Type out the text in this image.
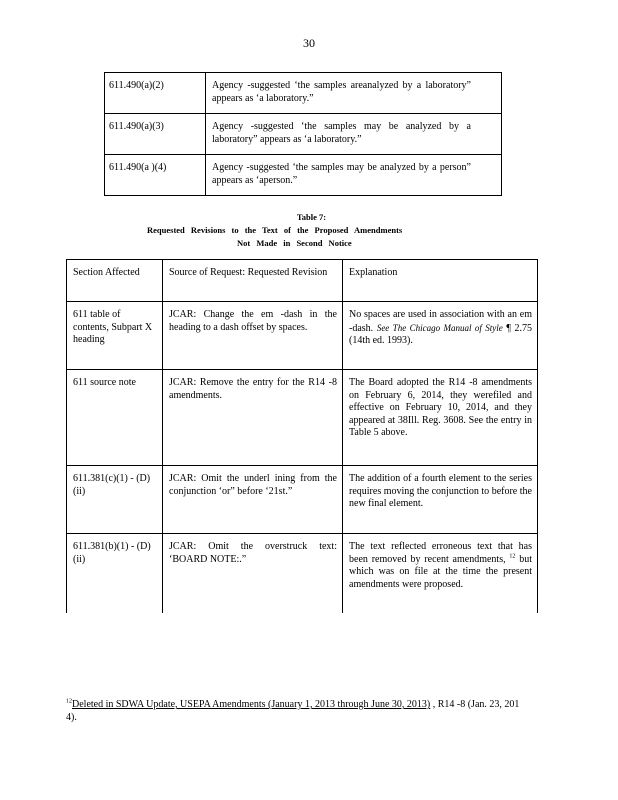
30
611.490(a)(2)	Agency -suggested ‘the samples areanalyzed by a laboratory” appears as ‘a laboratory.”
611.490(a)(3)	Agency -suggested ‘the samples may be analyzed by a laboratory” appears as ‘a laboratory.”
611.490(a )(4)	Agency -suggested ‘the samples may be analyzed by a person” appears as ‘aperson.”
Table 7:
Requested Revisions to the Text of the Proposed Amendments
Not Made in Second Notice
Section Affected	Source of Request: Requested Revision	Explanation
611 table of contents, Subpart X heading	JCAR: Change the em -dash in the heading to a dash offset by spaces.	No spaces are used in association with an em -dash. See The Chicago Manual of Style ¶ 2.75 (14th ed. 1993).
611 source note	JCAR: Remove the entry for the R14 -8 amendments.	The Board adopted the R14 -8 amendments on February 6, 2014, they werefiled and effective on February 10, 2014, and they appeared at 38Ill. Reg. 3608. See the entry in Table 5 above.
611.381(c)(1) - (D)(ii)	JCAR: Omit the underl ining from the conjunction ‘or” before ‘21st.”	The addition of a fourth element to the series requires moving the conjunction to before the new final element.
611.381(b)(1) - (D)(ii)	JCAR: Omit the overstruck text: ‘BOARD NOTE:.”	The text reflected erroneous text that has been removed by recent amendments, $^{12}$ but which was on file at the time the present amendments were proposed.
$^{12}$Deleted in SDWA Update, USEPA Amendments (January 1, 2013 through June 30, 2013) , R14 -8 (Jan. 23, 201 4).
